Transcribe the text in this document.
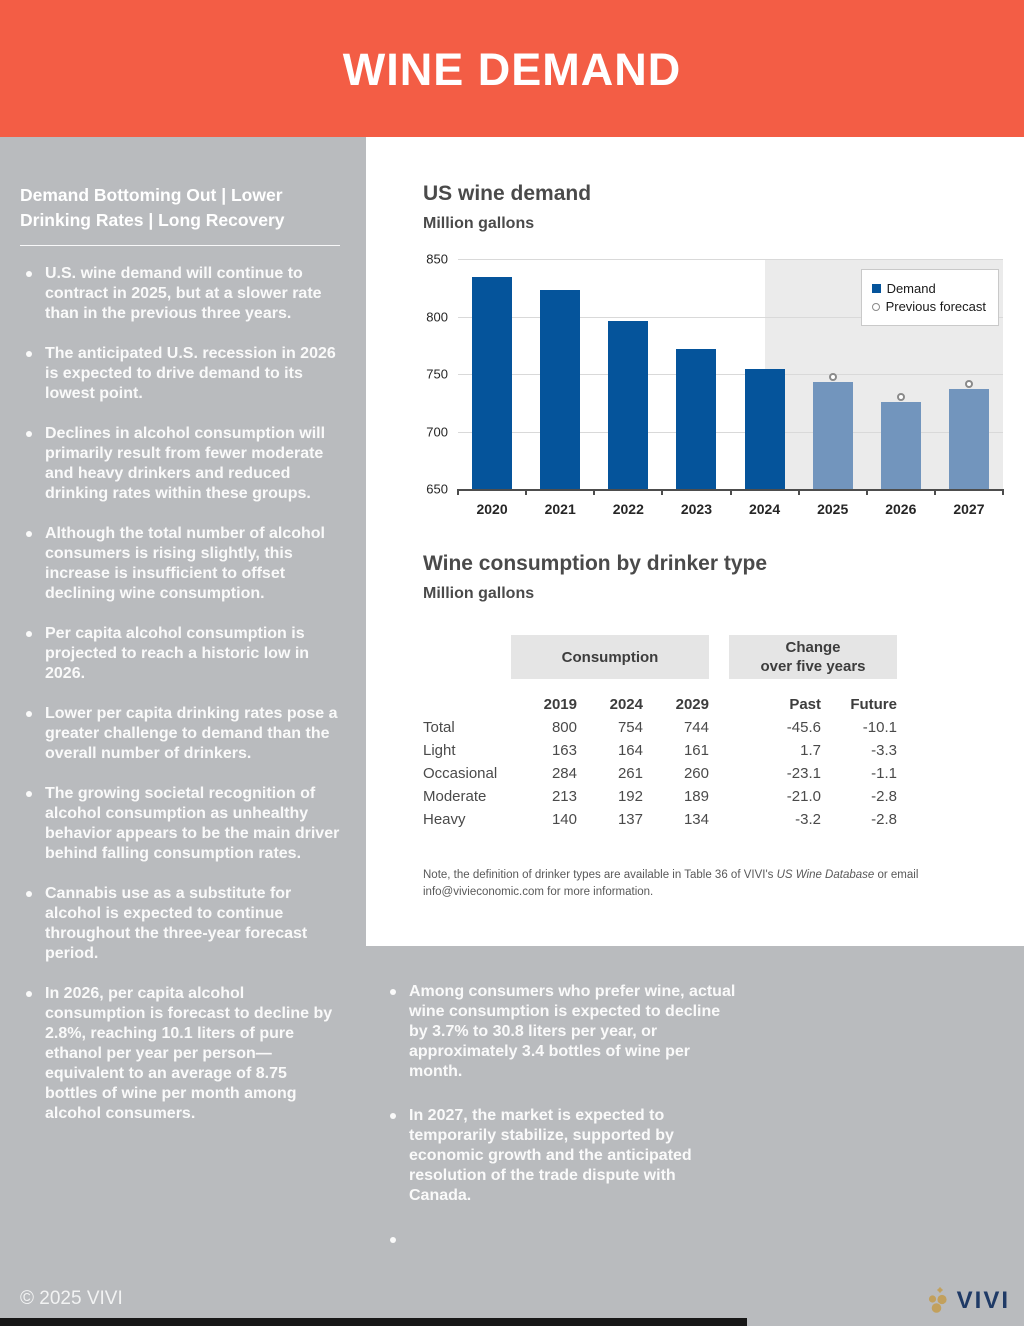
WINE DEMAND
Demand Bottoming Out | Lower Drinking Rates | Long Recovery
U.S. wine demand will continue to contract in 2025, but at a slower rate than in the previous three years.
The anticipated U.S. recession in 2026 is expected to drive demand to its lowest point.
Declines in alcohol consumption will primarily result from fewer moderate and heavy drinkers and reduced drinking rates within these groups.
Although the total number of alcohol consumers is rising slightly, this increase is insufficient to offset declining wine consumption.
Per capita alcohol consumption is projected to reach a historic low in 2026.
Lower per capita drinking rates pose a greater challenge to demand than the overall number of drinkers.
The growing societal recognition of alcohol consumption as unhealthy behavior appears to be the main driver behind falling consumption rates.
Cannabis use as a substitute for alcohol is expected to continue throughout the three-year forecast period.
In 2026, per capita alcohol consumption is forecast to decline by 2.8%, reaching 10.1 liters of pure ethanol per year per person—equivalent to an average of 8.75 bottles of wine per month among alcohol consumers.
© 2025 VIVI
US wine demand
Million gallons
Demand
Previous forecast
650
700
750
800
850
2020	2021	2022	2023	2024	2025	2026	2027
Wine consumption by drinker type
Million gallons
	Consumption				Change
over five years	

	2019	2024	2029		Past	Future
Total	800	754	744		-45.6	-10.1
Light	163	164	161		1.7	-3.3
Occasional	284	261	260		-23.1	-1.1
Moderate	213	192	189		-21.0	-2.8
Heavy	140	137	134		-3.2	-2.8
Note, the definition of drinker types are available in Table 36 of VIVI's US Wine Database or email info@vivieconomic.com for more information.
Among consumers who prefer wine, actual wine consumption is expected to decline by 3.7% to 30.8 liters per year, or approximately 3.4 bottles of wine per month.
In 2027, the market is expected to temporarily stabilize, supported by economic growth and the anticipated resolution of the trade dispute with Canada.
VIVI
